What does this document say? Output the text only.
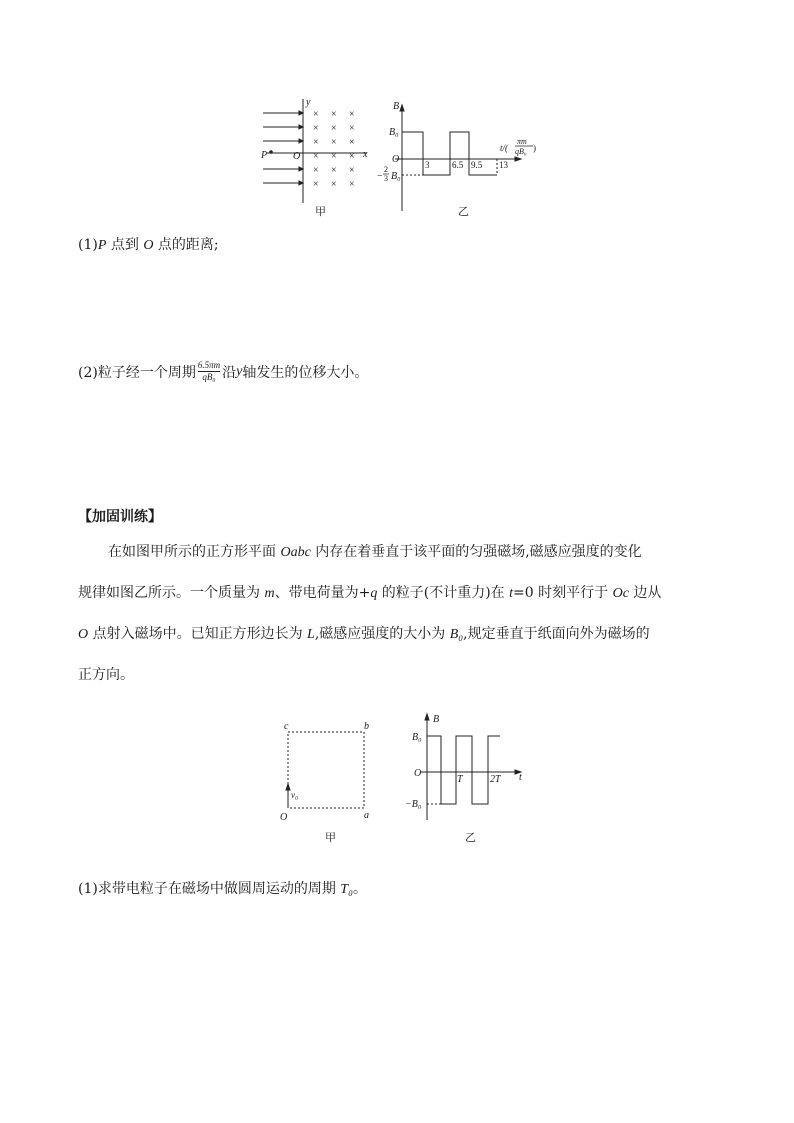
P	O
y
x
× × ×
× × ×
× × ×
× × ×
× × ×
× × ×
甲
B
B₀
O
−
2
3 B₀
3	6.5 9.5 13
t/(
πm
qB₀ )
乙
(1)P 点到 O 点的距离;
(2)粒子经一个周期 6.5πm
qB₀ 沿 y 轴发生的位移大小。
【加固训练】
在如图甲所示的正方形平面 Oabc 内存在着垂直于该平面的匀强磁场,磁感应强度的变化
规律如图乙所示。一个质量为 m、带电荷量为+q 的粒子(不计重力)在 t=0 时刻平行于 Oc 边从
O 点射入磁场中。已知正方形边长为 L,磁感应强度的大小为 B₀,规定垂直于纸面向外为磁场的
正方向。
c	b
a
O
v₀
甲
B
B₀
O
T	2T t
−B₀
乙
(1)求带电粒子在磁场中做圆周运动的周期 T₀。
